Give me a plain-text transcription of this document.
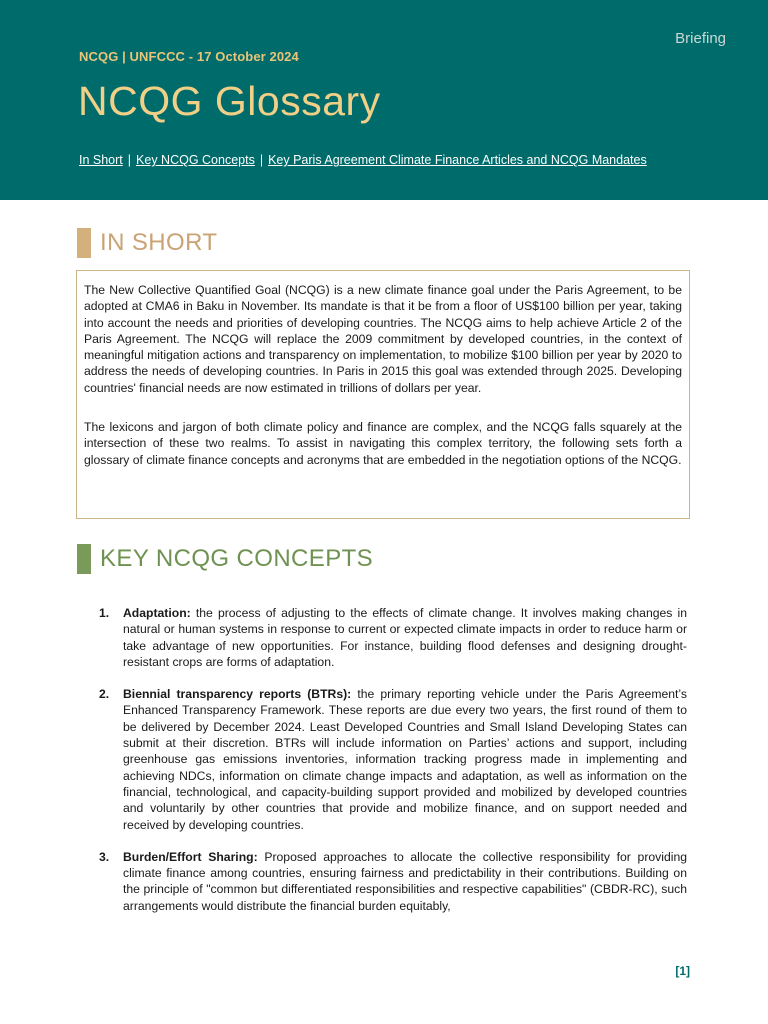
Briefing
NCQG | UNFCCC - 17 October 2024
NCQG Glossary
In Short | Key NCQG Concepts | Key Paris Agreement Climate Finance Articles and NCQG Mandates
IN SHORT

The New Collective Quantified Goal (NCQG) is a new climate finance goal under the Paris Agreement, to be adopted at CMA6 in Baku in November. Its mandate is that it be from a floor of US$100 billion per year, taking into account the needs and priorities of developing countries. The NCQG aims to help achieve Article 2 of the Paris Agreement. The NCQG will replace the 2009 commitment by developed countries, in the context of meaningful mitigation actions and transparency on implementation, to mobilize $100 billion per year by 2020 to address the needs of developing countries. In Paris in 2015 this goal was extended through 2025. Developing countries' financial needs are now estimated in trillions of dollars per year.

The lexicons and jargon of both climate policy and finance are complex, and the NCQG falls squarely at the intersection of these two realms. To assist in navigating this complex territory, the following sets forth a glossary of climate finance concepts and acronyms that are embedded in the negotiation options of the NCQG.

KEY NCQG CONCEPTS
1.	Adaptation: the process of adjusting to the effects of climate change. It involves making changes in natural or human systems in response to current or expected climate impacts in order to reduce harm or take advantage of new opportunities. For instance, building flood defenses and designing drought-resistant crops are forms of adaptation.
2.	Biennial transparency reports (BTRs): the primary reporting vehicle under the Paris Agreement’s Enhanced Transparency Framework. These reports are due every two years, the first round of them to be delivered by December 2024. Least Developed Countries and Small Island Developing States can submit at their discretion. BTRs will include information on Parties’ actions and support, including greenhouse gas emissions inventories, information tracking progress made in implementing and achieving NDCs, information on climate change impacts and adaptation, as well as information on the financial, technological, and capacity-building support provided and mobilized by developed countries and voluntarily by other countries that provide and mobilize finance, and on support needed and received by developing countries.
3.	Burden/Effort Sharing: Proposed approaches to allocate the collective responsibility for providing climate finance among countries, ensuring fairness and predictability in their contributions. Building on the principle of "common but differentiated responsibilities and respective capabilities" (CBDR-RC), such arrangements would distribute the financial burden equitably,
[1]
